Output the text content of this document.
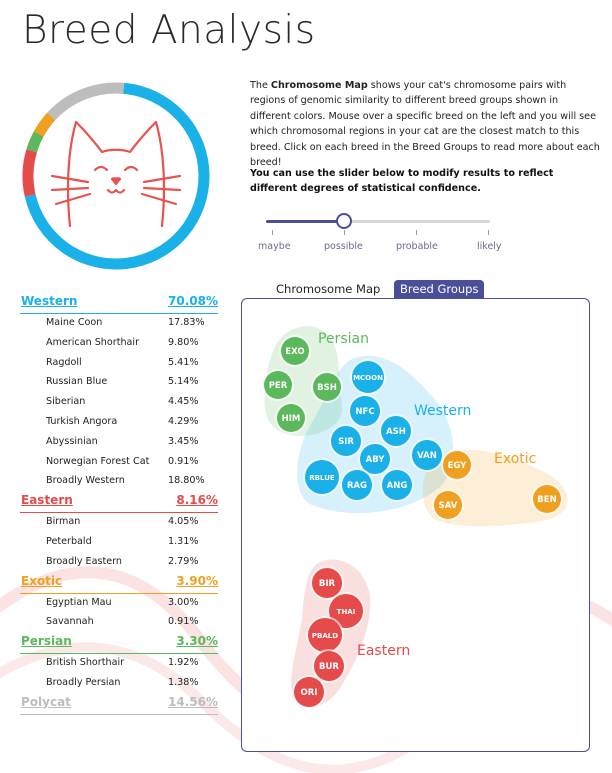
Breed Analysis

The Chromosome Map shows your cat's chromosome pairs with regions of genomic similarity to different breed groups shown in different colors. Mouse over a specific breed on the left and you will see which chromosomal regions in your cat are the closest match to this breed. Click on each breed in the Breed Groups to read more about each breed!

You can use the slider below to modify results to reflect different degrees of statistical confidence.

maybe	possible	probable	likely
Western	70.08%
Maine Coon	17.83%
American Shorthair	9.80%
Ragdoll	5.41%
Russian Blue	5.14%
Siberian	4.45%
Turkish Angora	4.29%
Abyssinian	3.45%
Norwegian Forest Cat 0.91%
Broadly Western	18.80%
Eastern	8.16%
Birman	4.05%
Peterbald	1.31%
Broadly Eastern	2.79%
Exotic	3.90%
Egyptian Mau	3.00%
Savannah	0.91%
Persian	3.30%
British Shorthair	1.92%
Broadly Persian	1.38%
Polycat	14.56%
Chromosome Map	Breed Groups
EXO
PER	BSH
HIM
MCOON
NFC
ASH
SIR
ABY	VAN
RBLUE
RAG ANG
EGY
SAV
BEN
BIR
THAI
PBALD
BUR
ORI
Persian
Western
Exotic
Eastern
